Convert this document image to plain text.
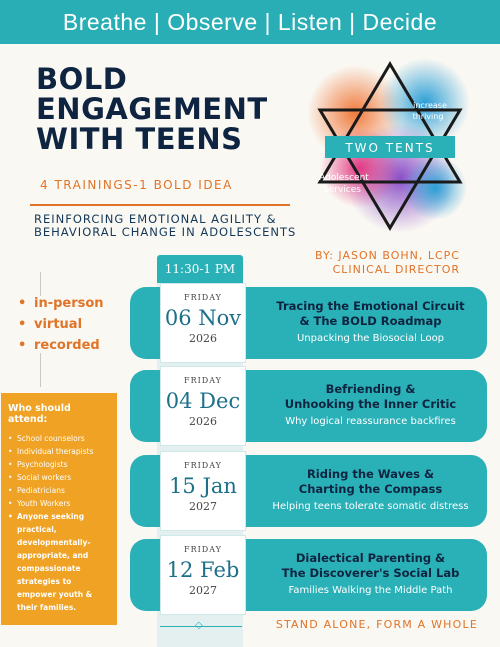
Breathe | Observe | Listen | Decide
BOLD
ENGAGEMENT
WITH TEENS
4 TRAININGS-1 BOLD IDEA
REINFORCING EMOTIONAL AGILITY &
BEHAVIORAL CHANGE IN ADOLESCENTS
BY: JASON BOHN, LCPC
CLINICAL DIRECTOR
TWO TENTS
increase
thriving
Adolescent
Services
• in-person
• virtual
• recorded
Who should attend:
• School counselors
• Individual therapists
• Psychologists
• Social workers
• Pediatricians
• Youth Workers
• Anyone seeking practical, developmentally-appropriate, and compassionate strategies to empower youth & their families.
11:30-1 PM
FRIDAY
06 Nov
2026
Tracing the Emotional Circuit
& The BOLD Roadmap
Unpacking the Biosocial Loop
FRIDAY
04 Dec
2026
Befriending &
Unhooking the Inner Critic
Why logical reassurance backfires
FRIDAY
15 Jan
2027
Riding the Waves &
Charting the Compass
Helping teens tolerate somatic distress
FRIDAY
12 Feb
2027
Dialectical Parenting &
The Discoverer's Social Lab
Families Walking the Middle Path
◇	STAND ALONE, FORM A WHOLE
